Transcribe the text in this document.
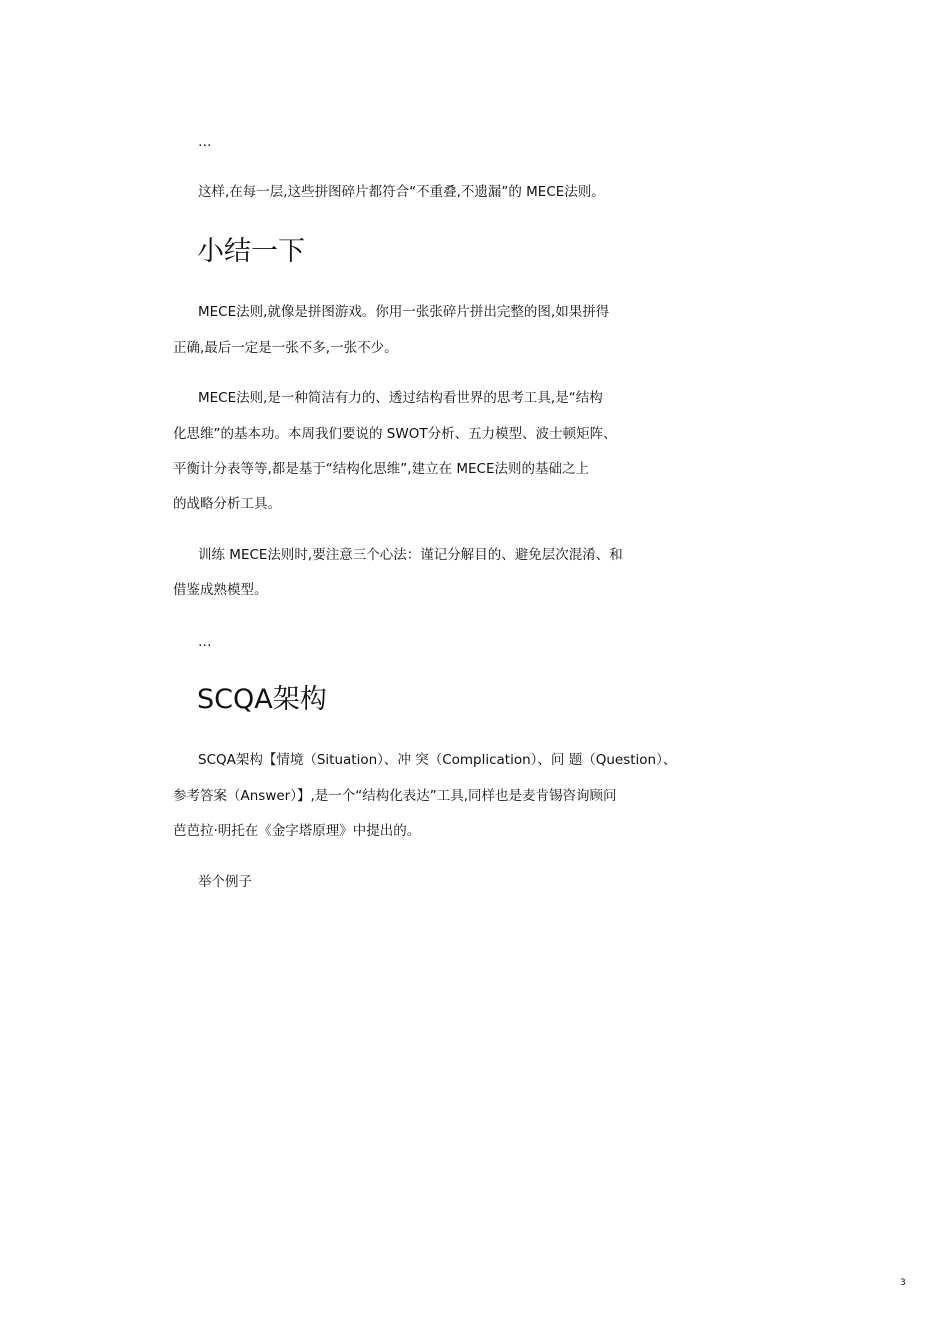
…
这样,在每一层,这些拼图碎片都符合“不重叠,不遗漏”的 MECE法则。
小结一下
MECE法则,就像是拼图游戏。你用一张张碎片拼出完整的图,如果拼得
正确,最后一定是一张不多,一张不少。
MECE法则,是一种简洁有力的、透过结构看世界的思考工具,是“结构
化思维”的基本功。本周我们要说的 SWOT分析、五力模型、波士顿矩阵、
平衡计分表等等,都是基于“结构化思维”,建立在 MECE法则的基础之上
的战略分析工具。
训练 MECE法则时,要注意三个心法：谨记分解目的、避免层次混淆、和
借鉴成熟模型。
…
SCQA架构
SCQA架构【情境（Situation）、冲 突（Complication）、问 题（Question）、
参考答案（Answer）】,是一个“结构化表达”工具,同样也是麦肯锡咨询顾问
芭芭拉·明托在《金字塔原理》中提出的。
举个例子
3
